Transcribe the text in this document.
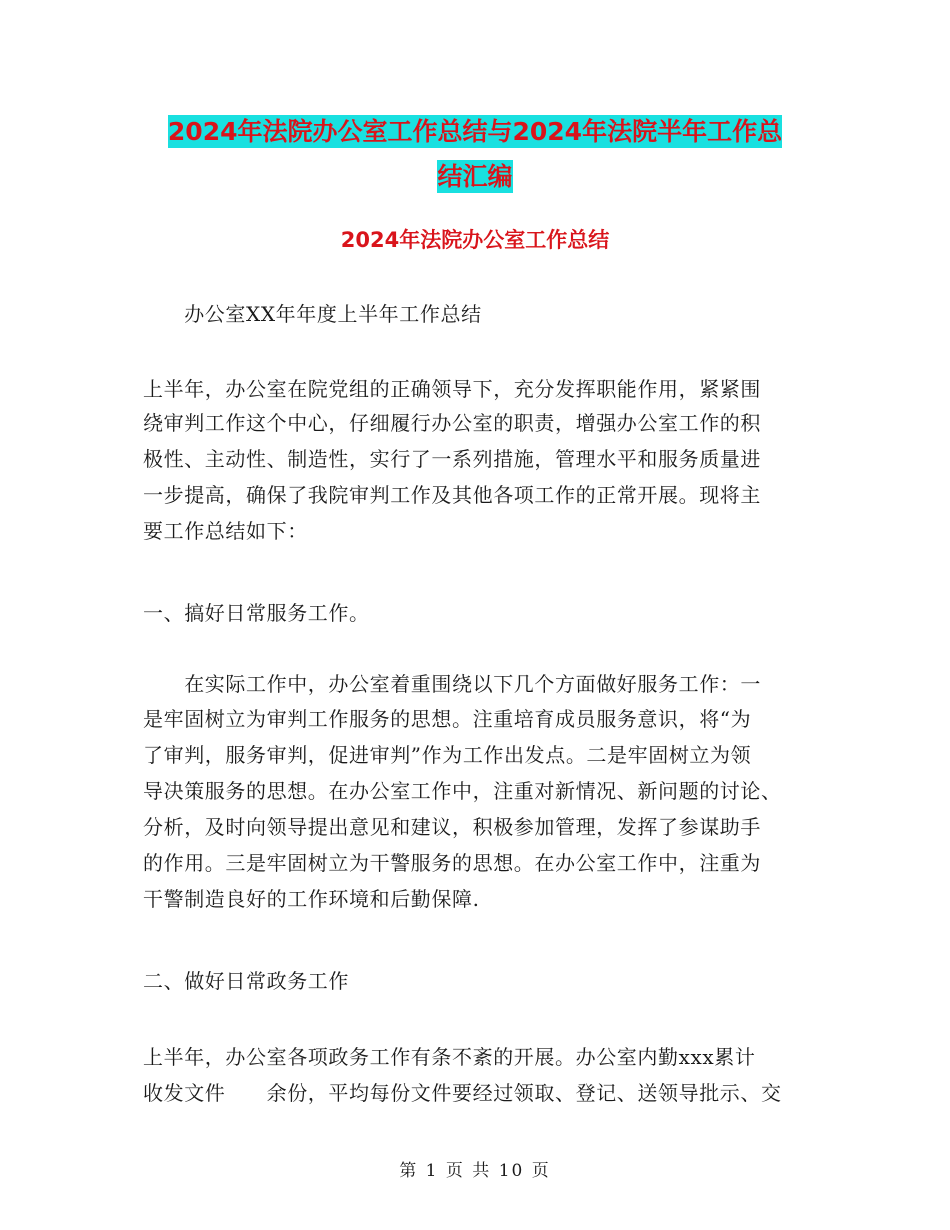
2024年法院办公室工作总结与2024年法院半年工作总
结汇编
2024年法院办公室工作总结
　　办公室XX年年度上半年工作总结
上半年，办公室在院党组的正确领导下，充分发挥职能作用，紧紧围
绕审判工作这个中心，仔细履行办公室的职责，增强办公室工作的积
极性、主动性、制造性，实行了一系列措施，管理水平和服务质量进
一步提高，确保了我院审判工作及其他各项工作的正常开展。现将主
要工作总结如下：
一、搞好日常服务工作。
　　在实际工作中，办公室着重围绕以下几个方面做好服务工作：一
是牢固树立为审判工作服务的思想。注重培育成员服务意识，将“为
了审判，服务审判，促进审判”作为工作出发点。二是牢固树立为领
导决策服务的思想。在办公室工作中，注重对新情况、新问题的讨论、
分析，及时向领导提出意见和建议，积极参加管理，发挥了参谋助手
的作用。三是牢固树立为干警服务的思想。在办公室工作中，注重为
干警制造良好的工作环境和后勤保障.
二、做好日常政务工作
上半年，办公室各项政务工作有条不紊的开展。办公室内勤xxx累计
收发文件　　余份，平均每份文件要经过领取、登记、送领导批示、交
第 1 页 共 10 页
